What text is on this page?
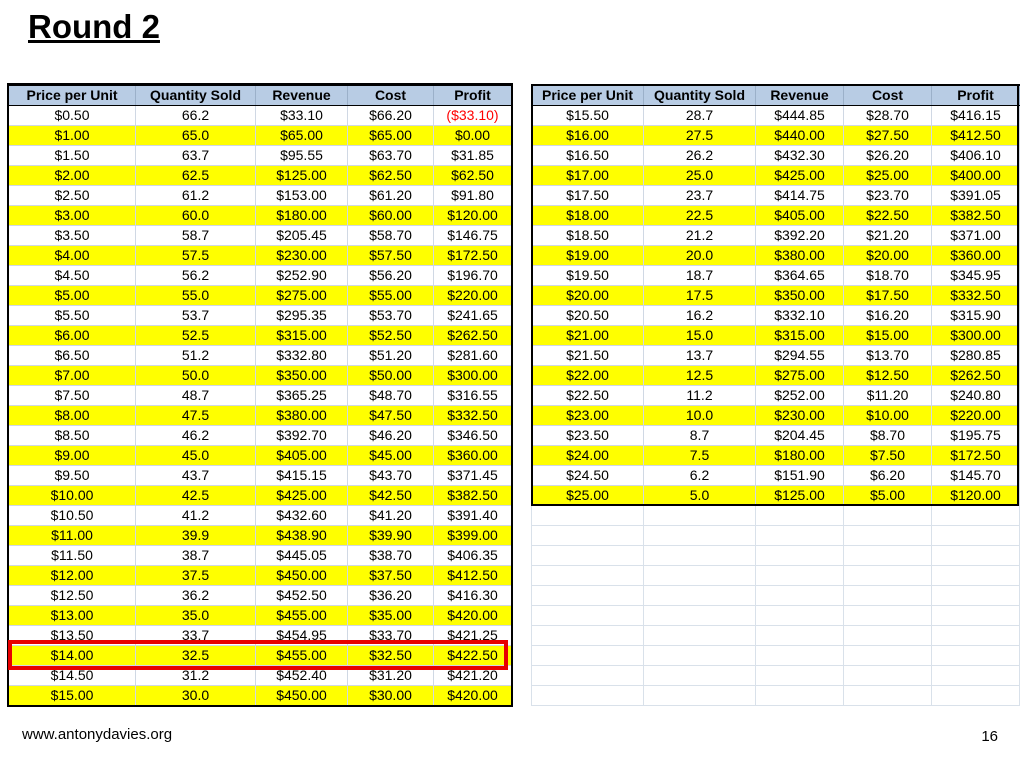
Round 2
Price per Unit	Quantity Sold	Revenue	Cost	Profit
$0.50	66.2	$33.10	$66.20	($33.10)
$1.00	65.0	$65.00	$65.00	$0.00
$1.50	63.7	$95.55	$63.70	$31.85
$2.00	62.5	$125.00	$62.50	$62.50
$2.50	61.2	$153.00	$61.20	$91.80
$3.00	60.0	$180.00	$60.00	$120.00
$3.50	58.7	$205.45	$58.70	$146.75
$4.00	57.5	$230.00	$57.50	$172.50
$4.50	56.2	$252.90	$56.20	$196.70
$5.00	55.0	$275.00	$55.00	$220.00
$5.50	53.7	$295.35	$53.70	$241.65
$6.00	52.5	$315.00	$52.50	$262.50
$6.50	51.2	$332.80	$51.20	$281.60
$7.00	50.0	$350.00	$50.00	$300.00
$7.50	48.7	$365.25	$48.70	$316.55
$8.00	47.5	$380.00	$47.50	$332.50
$8.50	46.2	$392.70	$46.20	$346.50
$9.00	45.0	$405.00	$45.00	$360.00
$9.50	43.7	$415.15	$43.70	$371.45
$10.00	42.5	$425.00	$42.50	$382.50
$10.50	41.2	$432.60	$41.20	$391.40
$11.00	39.9	$438.90	$39.90	$399.00
$11.50	38.7	$445.05	$38.70	$406.35
$12.00	37.5	$450.00	$37.50	$412.50
$12.50	36.2	$452.50	$36.20	$416.30
$13.00	35.0	$455.00	$35.00	$420.00
$13.50	33.7	$454.95	$33.70	$421.25
$14.00	32.5	$455.00	$32.50	$422.50
$14.50	31.2	$452.40	$31.20	$421.20
$15.00	30.0	$450.00	$30.00	$420.00
Price per Unit	Quantity Sold	Revenue	Cost	Profit
$15.50	28.7	$444.85	$28.70	$416.15
$16.00	27.5	$440.00	$27.50	$412.50
$16.50	26.2	$432.30	$26.20	$406.10
$17.00	25.0	$425.00	$25.00	$400.00
$17.50	23.7	$414.75	$23.70	$391.05
$18.00	22.5	$405.00	$22.50	$382.50
$18.50	21.2	$392.20	$21.20	$371.00
$19.00	20.0	$380.00	$20.00	$360.00
$19.50	18.7	$364.65	$18.70	$345.95
$20.00	17.5	$350.00	$17.50	$332.50
$20.50	16.2	$332.10	$16.20	$315.90
$21.00	15.0	$315.00	$15.00	$300.00
$21.50	13.7	$294.55	$13.70	$280.85
$22.00	12.5	$275.00	$12.50	$262.50
$22.50	11.2	$252.00	$11.20	$240.80
$23.00	10.0	$230.00	$10.00	$220.00
$23.50	8.7	$204.45	$8.70	$195.75
$24.00	7.5	$180.00	$7.50	$172.50
$24.50	6.2	$151.90	$6.20	$145.70
$25.00	5.0	$125.00	$5.00	$120.00

www.antonydavies.org	16
